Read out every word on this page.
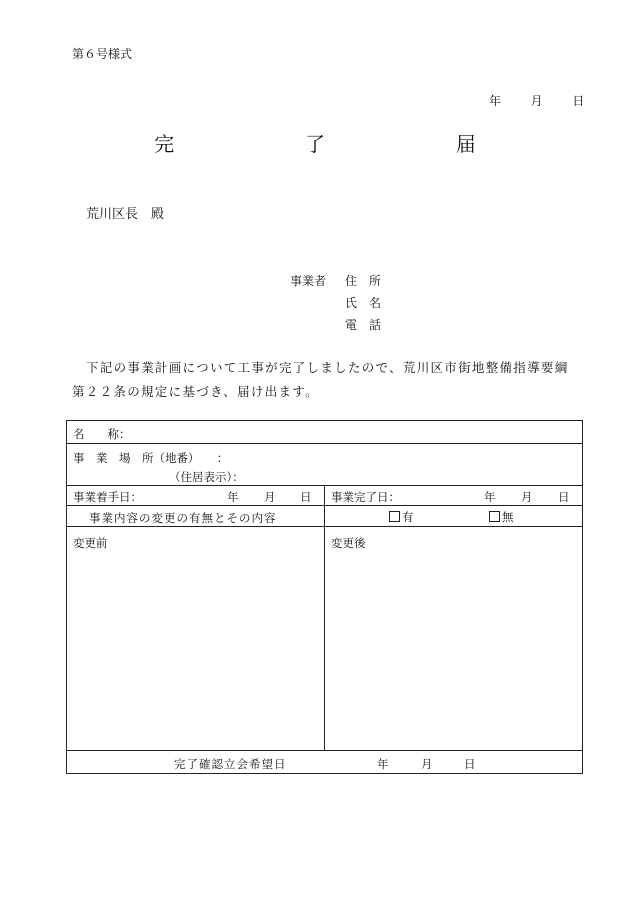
第６号様式
年 月 日
完	了	届
荒川区長　殿
事業者 住　所
氏　名
電　話
下記の事業計画について工事が完了しましたので、荒川区市街地整備指導要綱第２２条の規定に基づき、届け出ます。
名　　称：
事　業　場　所（地番）　　：
（住居表示）：
事業着手日：	年 月 日 事業完了日：	年 月 日
事業内容の変更の有無とその内容	有	無
変更前	変更後
完了確認立会希望日	年	月	日
